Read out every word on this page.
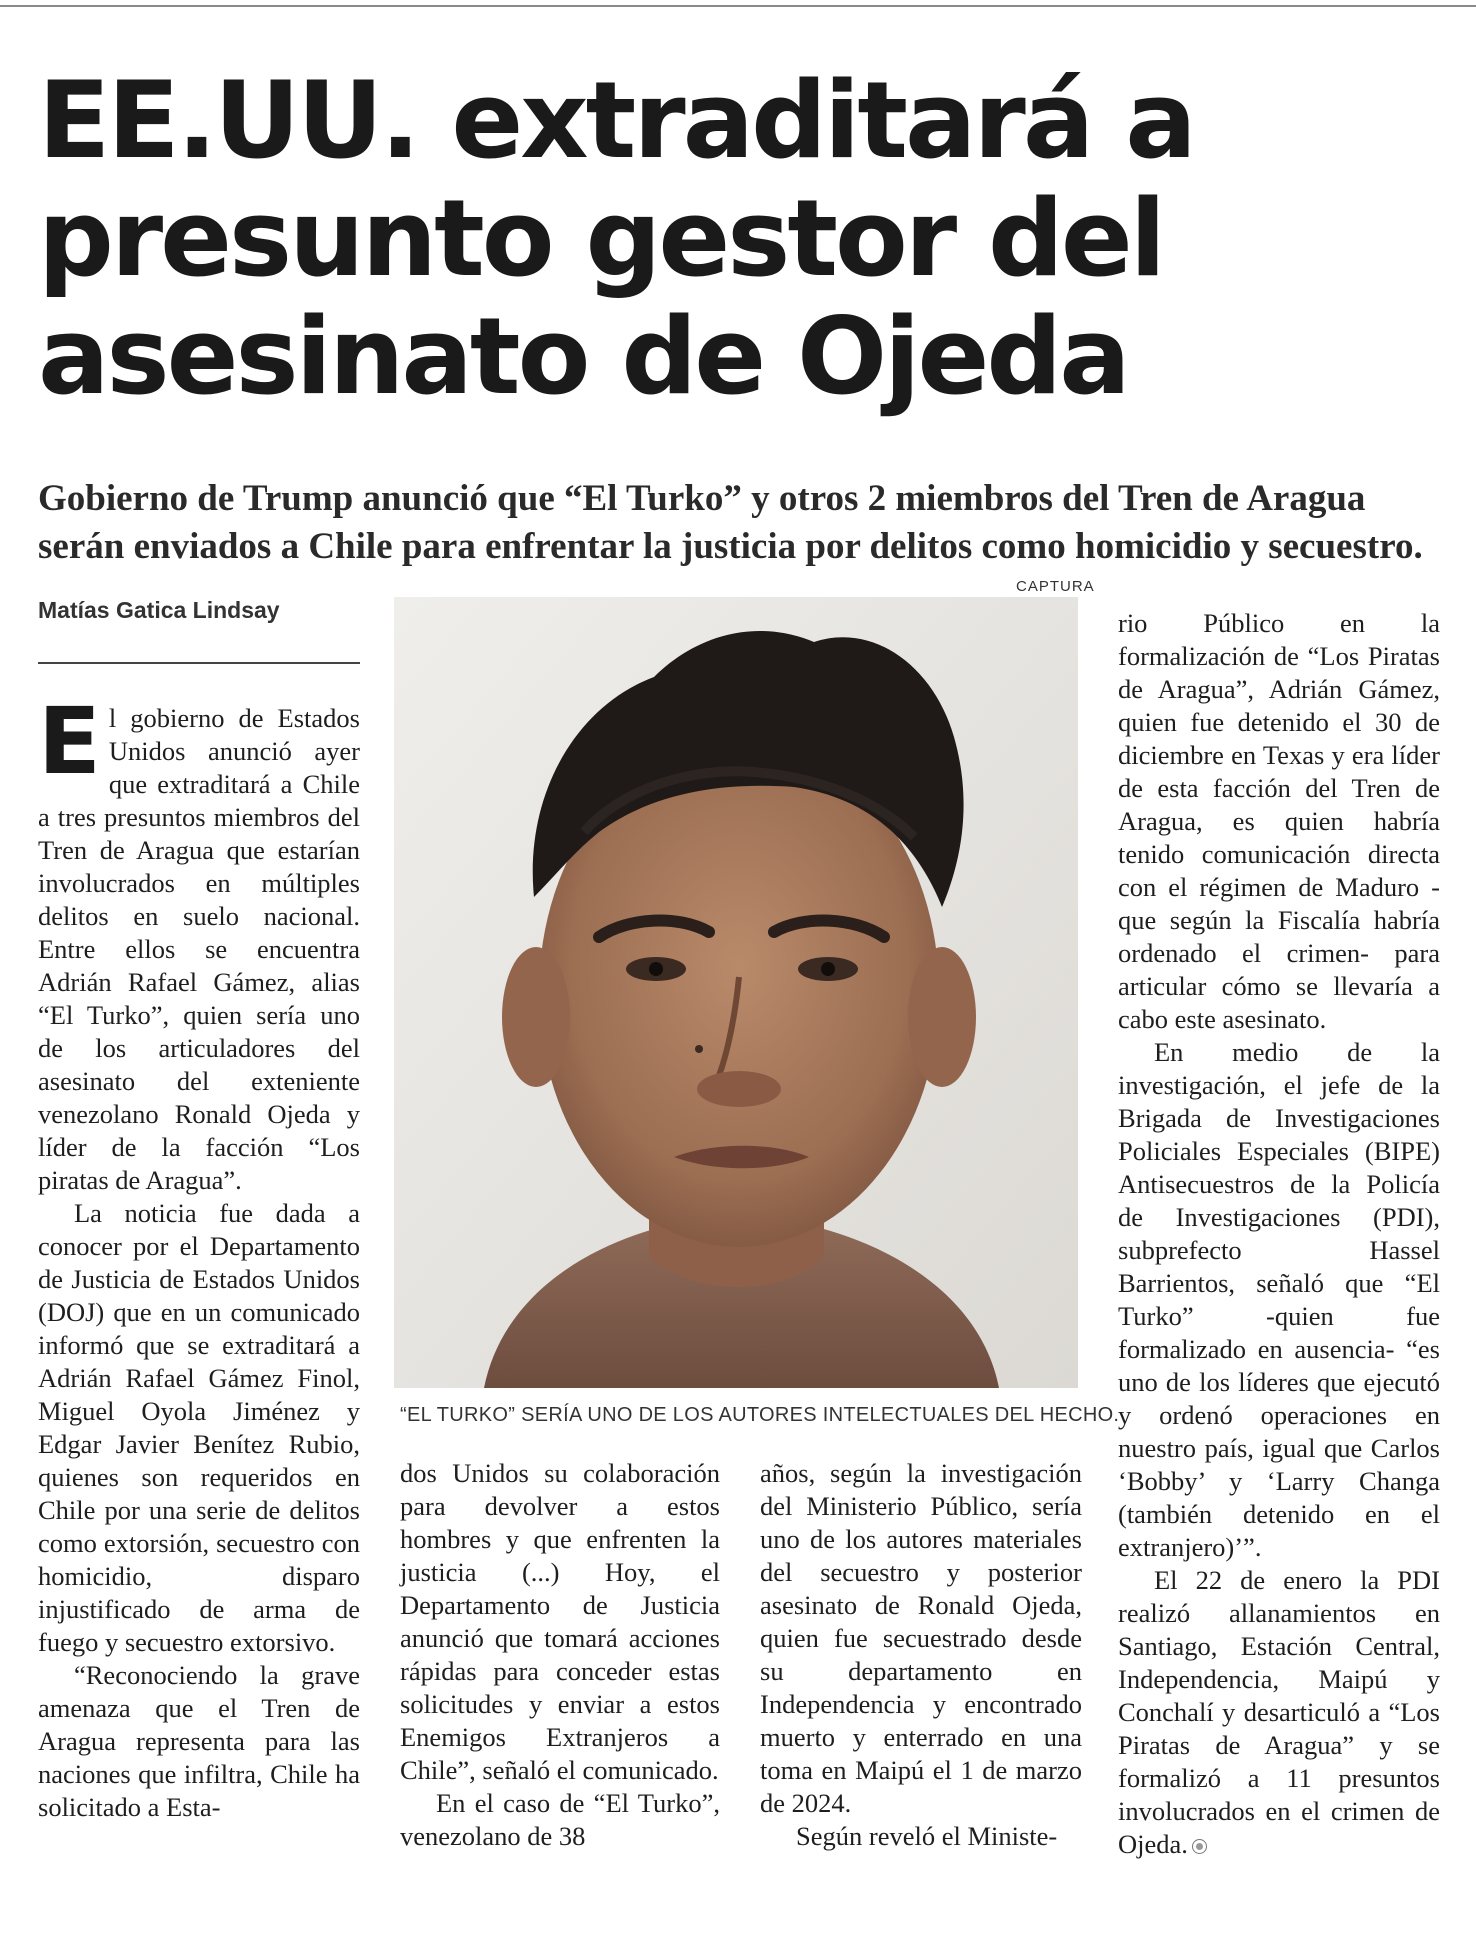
EE.UU. extraditará a
presunto gestor del
asesinato de Ojeda
Gobierno de Trump anunció que “El Turko” y otros 2 miembros del Tren de Aragua
serán enviados a Chile para enfrentar la justicia por delitos como homicidio y secuestro.
Matías Gatica Lindsay
CAPTURA
“EL TURKO” SERÍA UNO DE LOS AUTORES INTELECTUALES DEL HECHO.

El gobierno de Estados Unidos anunció ayer que extraditará a Chile a tres presuntos miembros del Tren de Aragua que estarían involucrados en múltiples delitos en suelo nacional. Entre ellos se encuentra Adrián Rafael Gámez, alias “El Turko”, quien sería uno de los articuladores del asesinato del exteniente venezolano Ronald Ojeda y líder de la facción “Los piratas de Aragua”.

La noticia fue dada a conocer por el Departamento de Justicia de Estados Unidos (DOJ) que en un comunicado informó que se extraditará a Adrián Rafael Gámez Finol, Miguel Oyola Jiménez y Edgar Javier Benítez Rubio, quienes son requeridos en Chile por una serie de delitos como extorsión, secuestro con homicidio, disparo injustificado de arma de fuego y secuestro extorsivo.

“Reconociendo la grave amenaza que el Tren de Aragua representa para las naciones que infiltra, Chile ha solicitado a Esta-

dos Unidos su colaboración para devolver a estos hombres y que enfrenten la justicia (...) Hoy, el Departamento de Justicia anunció que tomará acciones rápidas para conceder estas solicitudes y enviar a estos Enemigos Extranjeros a Chile”, señaló el comunicado.

En el caso de “El Turko”, venezolano de 38

años, según la investigación del Ministerio Público, sería uno de los autores materiales del secuestro y posterior asesinato de Ronald Ojeda, quien fue secuestrado desde su departamento en Independencia y encontrado muerto y enterrado en una toma en Maipú el 1 de marzo de 2024.

Según reveló el Ministe-

rio Público en la formalización de “Los Piratas de Aragua”, Adrián Gámez, quien fue detenido el 30 de diciembre en Texas y era líder de esta facción del Tren de Aragua, es quien habría tenido comunicación directa con el régimen de Maduro -que según la Fiscalía habría ordenado el crimen- para articular cómo se llevaría a cabo este asesinato.

En medio de la investigación, el jefe de la Brigada de Investigaciones Policiales Especiales (BIPE) Antisecuestros de la Policía de Investigaciones (PDI), subprefecto Hassel Barrientos, señaló que “El Turko” -quien fue formalizado en ausencia- “es uno de los líderes que ejecutó y ordenó operaciones en nuestro país, igual que Carlos ‘Bobby’ y ‘Larry Changa (también detenido en el extranjero)’”.

El 22 de enero la PDI realizó allanamientos en Santiago, Estación Central, Independencia, Maipú y Conchalí y desarticuló a “Los Piratas de Aragua” y se formalizó a 11 presuntos involucrados en el crimen de Ojeda.
